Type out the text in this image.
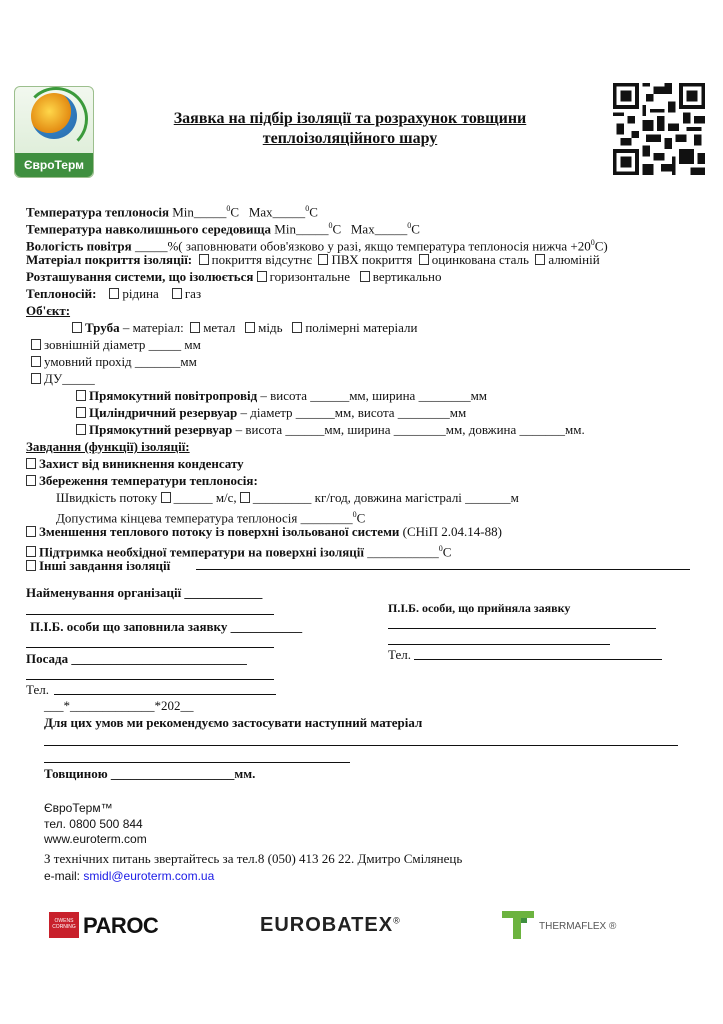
ЄвроТерм
Заявка на підбір ізоляції та розрахунок товщини
теплоізоляційного шару
Температура теплоносія Min_____$^0$C Max_____$^0$C
Температура навколишнього середовища Min_____$^0$C Max_____$^0$C
Вологість повітря _____%( заповнювати обов'язково у разі, якщо температура теплоносія нижча $+20^0C$)
Матеріал покриття ізоляції: покриття відсутнє ПВХ покриття оцинкована сталь алюміній
Розташування системи, що ізолюється горизонтальне вертикально
Теплоносій: рідина газ
Об'єкт:
Труба – матеріал: метал мідь полімерні матеріали
зовнішній діаметр _____ мм
умовний прохід _______мм
ДУ_____
Прямокутний повітропровід – висота ______мм, ширина ________мм
Циліндричний резервуар – діаметр ______мм, висота ________мм
Прямокутний резервуар – висота ______мм, ширина ________мм, довжина _______мм.
Завдання (функції) ізоляції:
Захист від виникнення конденсату
Збереження температури теплоносія:
Швидкість потоку ______ м/с, _________ кг/год, довжина магістралі _______м
Допустима кінцева температура теплоносія ________$^0$C
Зменшення теплового потоку із поверхні ізольованої системи (СНіП 2.04.14-88)
Підтримка необхідної температури на поверхні ізоляції ___________$^0$C
Інші завдання ізоляції
Найменування організації ____________
П.І.Б. особи що заповнила заявку ___________
Посада ___________________________
Тел.
___*_____________*202__
П.І.Б. особи, що прийняла заявку
Тел.
Для цих умов ми рекомендуємо застосувати наступний матеріал
Товщиною ___________________мм.
ЄвроТерм™
тел. 0800 500 844
www.euroterm.com
З технічних питань звертайтесь за тел.8 (050) 413 26 22. Дмитро Смілянець
e-mail: smidl@euroterm.com.ua
OWENS CORNING PAROC	EUROBATEX®
THERMAFLEX ®
